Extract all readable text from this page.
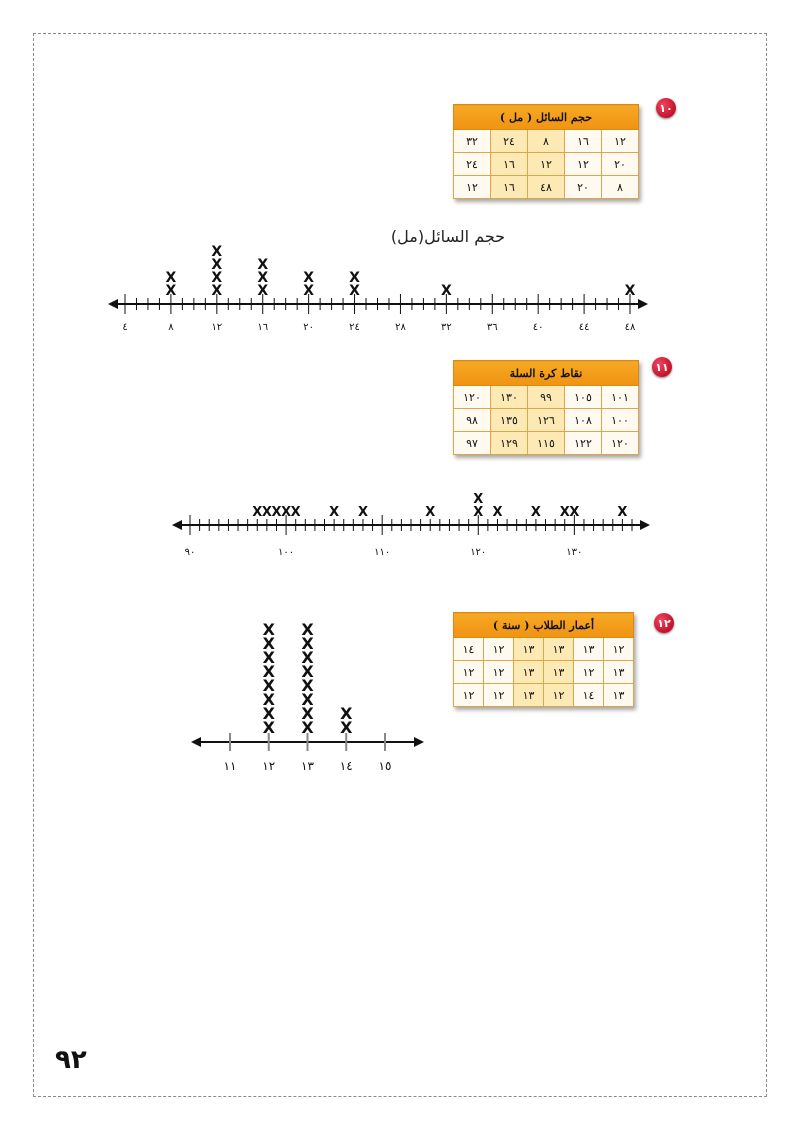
١٠
حجم السائل ( مل )				
١٢	١٦	٨	٢٤	٣٢
٢٠	١٢	١٢	١٦	٢٤
٨	٢٠	٤٨	١٦	١٢
٤	٨	١٢	١٦	٢٠	٢٤	٢٨	٣٢	٣٦	٤٠	٤٤	٤٨
X
X
X
X
X
X
X
X
X
X
X
X
X
X	X
حجم السائل(مل)
٩٠	١٠٠	١١٠	١٢٠	١٣٠
X X X X X X X	X	X
X
X X X X	X
١١ ١٢ ١٣ ١٤ ١٥
X
X
X
X
X
X
X
X
X
X
X
X
X
X
X
X
X
X
١١
نقاط كرة السلة				
١٠١	١٠٥	٩٩	١٣٠	١٢٠
١٠٠	١٠٨	١٢٦	١٣٥	٩٨
١٢٠	١٢٢	١١٥	١٢٩	٩٧
١٢
أعمار الطلاب ( سنة )					
١٢	١٣	١٣	١٣	١٢	١٤
١٣	١٢	١٣	١٣	١٢	١٢
١٣	١٤	١٢	١٣	١٢	١٢
٩٢
